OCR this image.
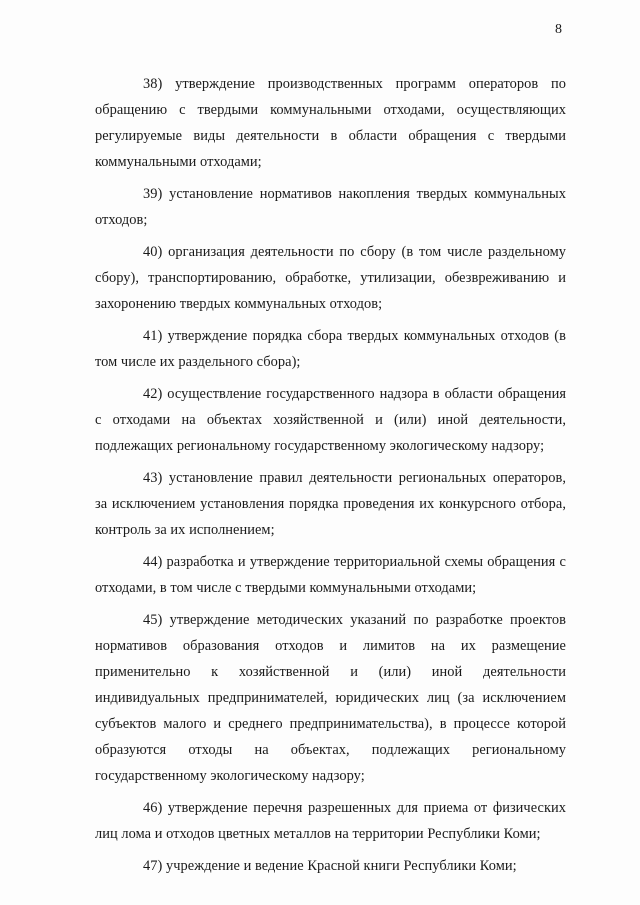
8

38) утверждение производственных программ операторов по обращению с твердыми коммунальными отходами, осуществляющих регулируемые виды деятельности в области обращения с твердыми коммунальными отходами;

39) установление нормативов накопления твердых коммунальных отходов;

40) организация деятельности по сбору (в том числе раздельному сбору), транспортированию, обработке, утилизации, обезвреживанию и захоронению твердых коммунальных отходов;

41) утверждение порядка сбора твердых коммунальных отходов (в том числе их раздельного сбора);

42) осуществление государственного надзора в области обращения с отходами на объектах хозяйственной и (или) иной деятельности, подлежащих региональному государственному экологическому надзору;

43) установление правил деятельности региональных операторов, за исключением установления порядка проведения их конкурсного отбора, контроль за их исполнением;

44) разработка и утверждение территориальной схемы обращения с отходами, в том числе с твердыми коммунальными отходами;

45) утверждение методических указаний по разработке проектов нормативов образования отходов и лимитов на их размещение применительно к хозяйственной и (или) иной деятельности индивидуальных предпринимателей, юридических лиц (за исключением субъектов малого и среднего предпринимательства), в процессе которой образуются отходы на объектах, подлежащих региональному государственному экологическому надзору;

46) утверждение перечня разрешенных для приема от физических лиц лома и отходов цветных металлов на территории Республики Коми;

47) учреждение и ведение Красной книги Республики Коми;
